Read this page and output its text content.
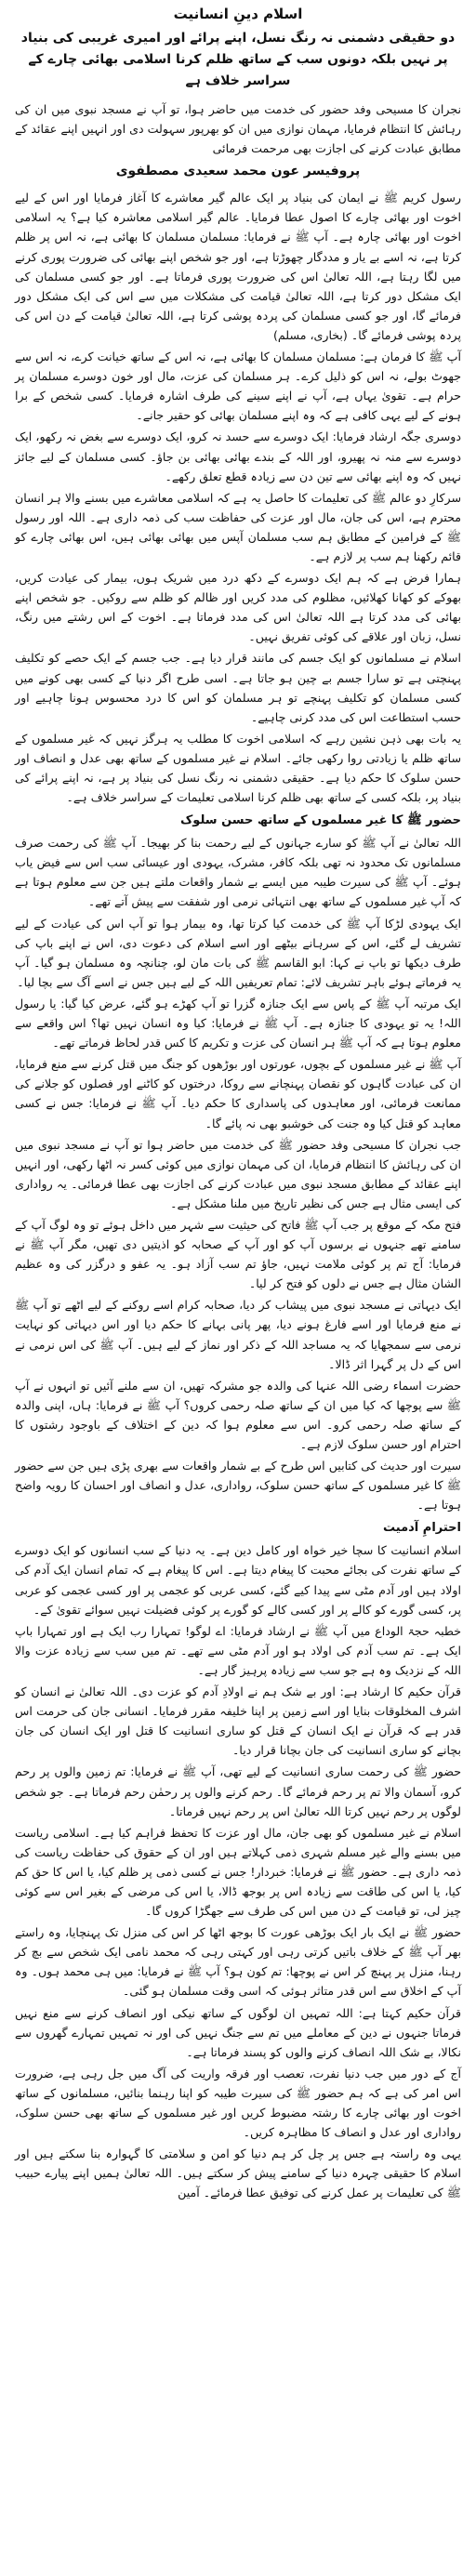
اسلام دینِ انسانیت
دو حقیقی دشمنی نہ رنگ نسل، اپنے پرائے اور امیری غریبی کی بنیاد پر نہیں بلکہ دونوں سب کے ساتھ ظلم کرنا اسلامی بھائی چارے کے سراسر خلاف ہے
نجران کا مسیحی وفد حضور کی خدمت میں حاضر ہوا، تو آپ نے مسجد نبوی میں ان کی رہائش کا انتظام فرمایا، مہمان نوازی میں ان کو بھرپور سہولت دی اور انہیں اپنے عقائد کے مطابق عبادت کرنے کی اجازت بھی مرحمت فرمائی
پروفیسر عون محمد سعیدی مصطفوی
رسول کریم ﷺ نے ایمان کی بنیاد پر ایک عالم گیر معاشرے کا آغاز فرمایا اور اس کے لیے اخوت اور بھائی چارے کا اصول عطا فرمایا۔ عالم گیر اسلامی معاشرہ کیا ہے؟ یہ اسلامی اخوت اور بھائی چارہ ہے۔ آپ ﷺ نے فرمایا: مسلمان مسلمان کا بھائی ہے، نہ اس پر ظلم کرتا ہے، نہ اسے بے یار و مددگار چھوڑتا ہے، اور جو شخص اپنے بھائی کی ضرورت پوری کرنے میں لگا رہتا ہے، اللہ تعالیٰ اس کی ضرورت پوری فرماتا ہے۔ اور جو کسی مسلمان کی ایک مشکل دور کرتا ہے، اللہ تعالیٰ قیامت کی مشکلات میں سے اس کی ایک مشکل دور فرمائے گا، اور جو کسی مسلمان کی پردہ پوشی کرتا ہے، اللہ تعالیٰ قیامت کے دن اس کی پردہ پوشی فرمائے گا۔ (بخاری، مسلم)
آپ ﷺ کا فرمان ہے: مسلمان مسلمان کا بھائی ہے، نہ اس کے ساتھ خیانت کرے، نہ اس سے جھوٹ بولے، نہ اس کو ذلیل کرے۔ ہر مسلمان کی عزت، مال اور خون دوسرے مسلمان پر حرام ہے۔ تقویٰ یہاں ہے، آپ نے اپنے سینے کی طرف اشارہ فرمایا۔ کسی شخص کے برا ہونے کے لیے یہی کافی ہے کہ وہ اپنے مسلمان بھائی کو حقیر جانے۔
دوسری جگہ ارشاد فرمایا: ایک دوسرے سے حسد نہ کرو، ایک دوسرے سے بغض نہ رکھو، ایک دوسرے سے منہ نہ پھیرو، اور اللہ کے بندے بھائی بھائی بن جاؤ۔ کسی مسلمان کے لیے جائز نہیں کہ وہ اپنے بھائی سے تین دن سے زیادہ قطع تعلق رکھے۔
سرکارِ دو عالم ﷺ کی تعلیمات کا حاصل یہ ہے کہ اسلامی معاشرے میں بسنے والا ہر انسان محترم ہے، اس کی جان، مال اور عزت کی حفاظت سب کی ذمہ داری ہے۔ اللہ اور رسول ﷺ کے فرامین کے مطابق ہم سب مسلمان آپس میں بھائی بھائی ہیں، اس بھائی چارے کو قائم رکھنا ہم سب پر لازم ہے۔
ہمارا فرض ہے کہ ہم ایک دوسرے کے دکھ درد میں شریک ہوں، بیمار کی عیادت کریں، بھوکے کو کھانا کھلائیں، مظلوم کی مدد کریں اور ظالم کو ظلم سے روکیں۔ جو شخص اپنے بھائی کی مدد کرتا ہے اللہ تعالیٰ اس کی مدد فرماتا ہے۔ اخوت کے اس رشتے میں رنگ، نسل، زبان اور علاقے کی کوئی تفریق نہیں۔
اسلام نے مسلمانوں کو ایک جسم کی مانند قرار دیا ہے۔ جب جسم کے ایک حصے کو تکلیف پہنچتی ہے تو سارا جسم بے چین ہو جاتا ہے۔ اسی طرح اگر دنیا کے کسی بھی کونے میں کسی مسلمان کو تکلیف پہنچے تو ہر مسلمان کو اس کا درد محسوس ہونا چاہیے اور حسب استطاعت اس کی مدد کرنی چاہیے۔
یہ بات بھی ذہن نشین رہے کہ اسلامی اخوت کا مطلب یہ ہرگز نہیں کہ غیر مسلموں کے ساتھ ظلم یا زیادتی روا رکھی جائے۔ اسلام نے غیر مسلموں کے ساتھ بھی عدل و انصاف اور حسن سلوک کا حکم دیا ہے۔ حقیقی دشمنی نہ رنگ نسل کی بنیاد پر ہے، نہ اپنے پرائے کی بنیاد پر، بلکہ کسی کے ساتھ بھی ظلم کرنا اسلامی تعلیمات کے سراسر خلاف ہے۔
حضور ﷺ کا غیر مسلموں کے ساتھ حسن سلوک
اللہ تعالیٰ نے آپ ﷺ کو سارے جہانوں کے لیے رحمت بنا کر بھیجا۔ آپ ﷺ کی رحمت صرف مسلمانوں تک محدود نہ تھی بلکہ کافر، مشرک، یہودی اور عیسائی سب اس سے فیض یاب ہوئے۔ آپ ﷺ کی سیرت طیبہ میں ایسے بے شمار واقعات ملتے ہیں جن سے معلوم ہوتا ہے کہ آپ غیر مسلموں کے ساتھ بھی انتہائی نرمی اور شفقت سے پیش آتے تھے۔
ایک یہودی لڑکا آپ ﷺ کی خدمت کیا کرتا تھا، وہ بیمار ہوا تو آپ اس کی عیادت کے لیے تشریف لے گئے، اس کے سرہانے بیٹھے اور اسے اسلام کی دعوت دی، اس نے اپنے باپ کی طرف دیکھا تو باپ نے کہا: ابو القاسم ﷺ کی بات مان لو، چنانچہ وہ مسلمان ہو گیا۔ آپ یہ فرماتے ہوئے باہر تشریف لائے: تمام تعریفیں اللہ کے لیے ہیں جس نے اسے آگ سے بچا لیا۔
ایک مرتبہ آپ ﷺ کے پاس سے ایک جنازہ گزرا تو آپ کھڑے ہو گئے، عرض کیا گیا: یا رسول اللہ! یہ تو یہودی کا جنازہ ہے۔ آپ ﷺ نے فرمایا: کیا وہ انسان نہیں تھا؟ اس واقعے سے معلوم ہوتا ہے کہ آپ ﷺ ہر انسان کی عزت و تکریم کا کس قدر لحاظ فرماتے تھے۔
آپ ﷺ نے غیر مسلموں کے بچوں، عورتوں اور بوڑھوں کو جنگ میں قتل کرنے سے منع فرمایا، ان کی عبادت گاہوں کو نقصان پہنچانے سے روکا، درختوں کو کاٹنے اور فصلوں کو جلانے کی ممانعت فرمائی، اور معاہدوں کی پاسداری کا حکم دیا۔ آپ ﷺ نے فرمایا: جس نے کسی معاہد کو قتل کیا وہ جنت کی خوشبو بھی نہ پائے گا۔
جب نجران کا مسیحی وفد حضور ﷺ کی خدمت میں حاضر ہوا تو آپ نے مسجد نبوی میں ان کی رہائش کا انتظام فرمایا، ان کی مہمان نوازی میں کوئی کسر نہ اٹھا رکھی، اور انہیں اپنے عقائد کے مطابق مسجد نبوی میں عبادت کرنے کی اجازت بھی عطا فرمائی۔ یہ رواداری کی ایسی مثال ہے جس کی نظیر تاریخ میں ملنا مشکل ہے۔
فتح مکہ کے موقع پر جب آپ ﷺ فاتح کی حیثیت سے شہر میں داخل ہوئے تو وہ لوگ آپ کے سامنے تھے جنہوں نے برسوں آپ کو اور آپ کے صحابہ کو اذیتیں دی تھیں، مگر آپ ﷺ نے فرمایا: آج تم پر کوئی ملامت نہیں، جاؤ تم سب آزاد ہو۔ یہ عفو و درگزر کی وہ عظیم الشان مثال ہے جس نے دلوں کو فتح کر لیا۔
ایک دیہاتی نے مسجد نبوی میں پیشاب کر دیا، صحابہ کرام اسے روکنے کے لیے اٹھے تو آپ ﷺ نے منع فرمایا اور اسے فارغ ہونے دیا، پھر پانی بہانے کا حکم دیا اور اس دیہاتی کو نہایت نرمی سے سمجھایا کہ یہ مساجد اللہ کے ذکر اور نماز کے لیے ہیں۔ آپ ﷺ کی اس نرمی نے اس کے دل پر گہرا اثر ڈالا۔
حضرت اسماء رضی اللہ عنہا کی والدہ جو مشرکہ تھیں، ان سے ملنے آئیں تو انہوں نے آپ ﷺ سے پوچھا کہ کیا میں ان کے ساتھ صلہ رحمی کروں؟ آپ ﷺ نے فرمایا: ہاں، اپنی والدہ کے ساتھ صلہ رحمی کرو۔ اس سے معلوم ہوا کہ دین کے اختلاف کے باوجود رشتوں کا احترام اور حسن سلوک لازم ہے۔
سیرت اور حدیث کی کتابیں اس طرح کے بے شمار واقعات سے بھری پڑی ہیں جن سے حضور ﷺ کا غیر مسلموں کے ساتھ حسن سلوک، رواداری، عدل و انصاف اور احسان کا رویہ واضح ہوتا ہے۔
احترامِ آدمیت
اسلام انسانیت کا سچا خیر خواہ اور کامل دین ہے۔ یہ دنیا کے سب انسانوں کو ایک دوسرے کے ساتھ نفرت کی بجائے محبت کا پیغام دیتا ہے۔ اس کا پیغام ہے کہ تمام انسان ایک آدم کی اولاد ہیں اور آدم مٹی سے پیدا کیے گئے، کسی عربی کو عجمی پر اور کسی عجمی کو عربی پر، کسی گورے کو کالے پر اور کسی کالے کو گورے پر کوئی فضیلت نہیں سوائے تقویٰ کے۔
خطبہ حجۃ الوداع میں آپ ﷺ نے ارشاد فرمایا: اے لوگو! تمہارا رب ایک ہے اور تمہارا باپ ایک ہے۔ تم سب آدم کی اولاد ہو اور آدم مٹی سے تھے۔ تم میں سب سے زیادہ عزت والا اللہ کے نزدیک وہ ہے جو سب سے زیادہ پرہیز گار ہے۔
قرآن حکیم کا ارشاد ہے: اور بے شک ہم نے اولادِ آدم کو عزت دی۔ اللہ تعالیٰ نے انسان کو اشرف المخلوقات بنایا اور اسے زمین پر اپنا خلیفہ مقرر فرمایا۔ انسانی جان کی حرمت اس قدر ہے کہ قرآن نے ایک انسان کے قتل کو ساری انسانیت کا قتل اور ایک انسان کی جان بچانے کو ساری انسانیت کی جان بچانا قرار دیا۔
حضور ﷺ کی رحمت ساری انسانیت کے لیے تھی، آپ ﷺ نے فرمایا: تم زمین والوں پر رحم کرو، آسمان والا تم پر رحم فرمائے گا۔ رحم کرنے والوں پر رحمٰن رحم فرماتا ہے۔ جو شخص لوگوں پر رحم نہیں کرتا اللہ تعالیٰ اس پر رحم نہیں فرماتا۔
اسلام نے غیر مسلموں کو بھی جان، مال اور عزت کا تحفظ فراہم کیا ہے۔ اسلامی ریاست میں بسنے والے غیر مسلم شہری ذمی کہلاتے ہیں اور ان کے حقوق کی حفاظت ریاست کی ذمہ داری ہے۔ حضور ﷺ نے فرمایا: خبردار! جس نے کسی ذمی پر ظلم کیا، یا اس کا حق کم کیا، یا اس کی طاقت سے زیادہ اس پر بوجھ ڈالا، یا اس کی مرضی کے بغیر اس سے کوئی چیز لی، تو قیامت کے دن میں اس کی طرف سے جھگڑا کروں گا۔
حضور ﷺ نے ایک بار ایک بوڑھی عورت کا بوجھ اٹھا کر اس کی منزل تک پہنچایا، وہ راستے بھر آپ ﷺ کے خلاف باتیں کرتی رہی اور کہتی رہی کہ محمد نامی ایک شخص سے بچ کر رہنا، منزل پر پہنچ کر اس نے پوچھا: تم کون ہو؟ آپ ﷺ نے فرمایا: میں ہی محمد ہوں۔ وہ آپ کے اخلاق سے اس قدر متاثر ہوئی کہ اسی وقت مسلمان ہو گئی۔
قرآن حکیم کہتا ہے: اللہ تمہیں ان لوگوں کے ساتھ نیکی اور انصاف کرنے سے منع نہیں فرماتا جنہوں نے دین کے معاملے میں تم سے جنگ نہیں کی اور نہ تمہیں تمہارے گھروں سے نکالا، بے شک اللہ انصاف کرنے والوں کو پسند فرماتا ہے۔
آج کے دور میں جب دنیا نفرت، تعصب اور فرقہ واریت کی آگ میں جل رہی ہے، ضرورت اس امر کی ہے کہ ہم حضور ﷺ کی سیرت طیبہ کو اپنا رہنما بنائیں، مسلمانوں کے ساتھ اخوت اور بھائی چارے کا رشتہ مضبوط کریں اور غیر مسلموں کے ساتھ بھی حسن سلوک، رواداری اور عدل و انصاف کا مظاہرہ کریں۔
یہی وہ راستہ ہے جس پر چل کر ہم دنیا کو امن و سلامتی کا گہوارہ بنا سکتے ہیں اور اسلام کا حقیقی چہرہ دنیا کے سامنے پیش کر سکتے ہیں۔ اللہ تعالیٰ ہمیں اپنے پیارے حبیب ﷺ کی تعلیمات پر عمل کرنے کی توفیق عطا فرمائے۔ آمین
